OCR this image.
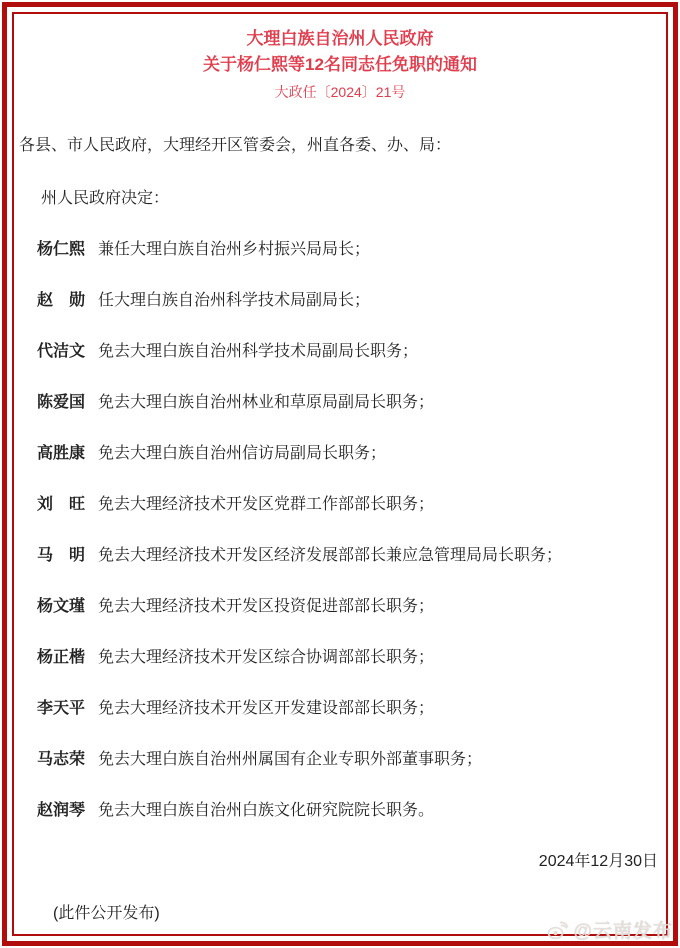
大理白族自治州人民政府
关于杨仁熙等12名同志任免职的通知
大政任〔2024〕21号

各县、市人民政府，大理经开区管委会，州直各委、办、局：

州人民政府决定：

杨仁熙 兼任大理白族自治州乡村振兴局局长；

赵　勋 任大理白族自治州科学技术局副局长；

代洁文 免去大理白族自治州科学技术局副局长职务；

陈爱国 免去大理白族自治州林业和草原局副局长职务；

高胜康 免去大理白族自治州信访局副局长职务；

刘　旺 免去大理经济技术开发区党群工作部部长职务；

马　明 免去大理经济技术开发区经济发展部部长兼应急管理局局长职务；

杨文瑾 免去大理经济技术开发区投资促进部部长职务；

杨正楷 免去大理经济技术开发区综合协调部部长职务；

李天平 免去大理经济技术开发区开发建设部部长职务；

马志荣 免去大理白族自治州州属国有企业专职外部董事职务；

赵润琴 免去大理白族自治州白族文化研究院院长职务。

2024年12月30日

(此件公开发布)

@云南发布
